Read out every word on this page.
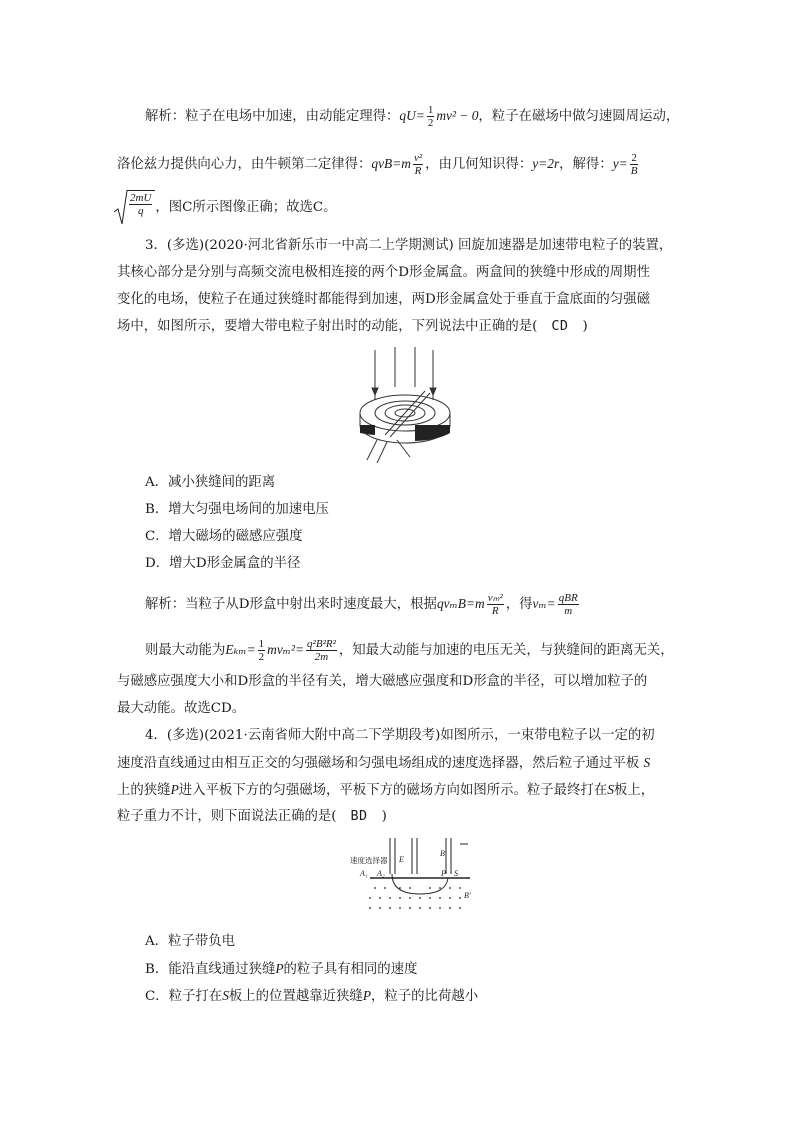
解析：粒子在电场中加速，由动能定理得：$qU= \frac{1}{2} mv^2 - 0$，粒子在磁场中做匀速圆周运动，
洛伦兹力提供向心力，由牛顿第二定律得：$qvB=m \frac{\text{v²}}{R}$ ，由几何知识得：y=2r，解得：$y= \frac{2}{B}$
$\frac{2mU}{q}$ ，图C所示图像正确；故选C。
3．(多选)(2020·河北省新乐市一中高二上学期测试) 回旋加速器是加速带电粒子的装置，
其核心部分是分别与高频交流电极相连接的两个D形金属盒。两盒间的狭缝中形成的周期性
变化的电场，使粒子在通过狭缝时都能得到加速，两D形金属盒处于垂直于盒底面的匀强磁
场中，如图所示，要增大带电粒子射出时的动能，下列说法中正确的是( CD )
A．减小狭缝间的距离
B．增大匀强电场间的加速电压
C．增大磁场的磁感应强度
D．增大D形金属盒的半径
解析：当粒子从D形盒中射出来时速度最大，根据$qv_mB=m \frac{\text{vₘ²}}{R}$ ，得$v_m= \frac{\text{qBR}}{m}$
则最大动能为$E_{km}= \frac{1}{2} mv_m^2= \frac{\text{q²B²R²}}{2m}$ ，知最大动能与加速的电压无关，与狭缝间的距离无关，
与磁感应强度大小和D形盒的半径有关，增大磁感应强度和D形盒的半径，可以增加粒子的
最大动能。故选CD。
4．(多选)(2021·云南省师大附中高二下学期段考)如图所示，一束带电粒子以一定的初
速度沿直线通过由相互正交的匀强磁场和匀强电场组成的速度选择器，然后粒子通过平板 S
上的狭缝P进入平板下方的匀强磁场，平板下方的磁场方向如图所示。粒子最终打在S板上，
粒子重力不计，则下面说法正确的是( BD )
速度选择器
A₁ A₂
E
B
P S
B'
A．粒子带负电
B．能沿直线通过狭缝P的粒子具有相同的速度
C．粒子打在S板上的位置越靠近狭缝P，粒子的比荷越小
